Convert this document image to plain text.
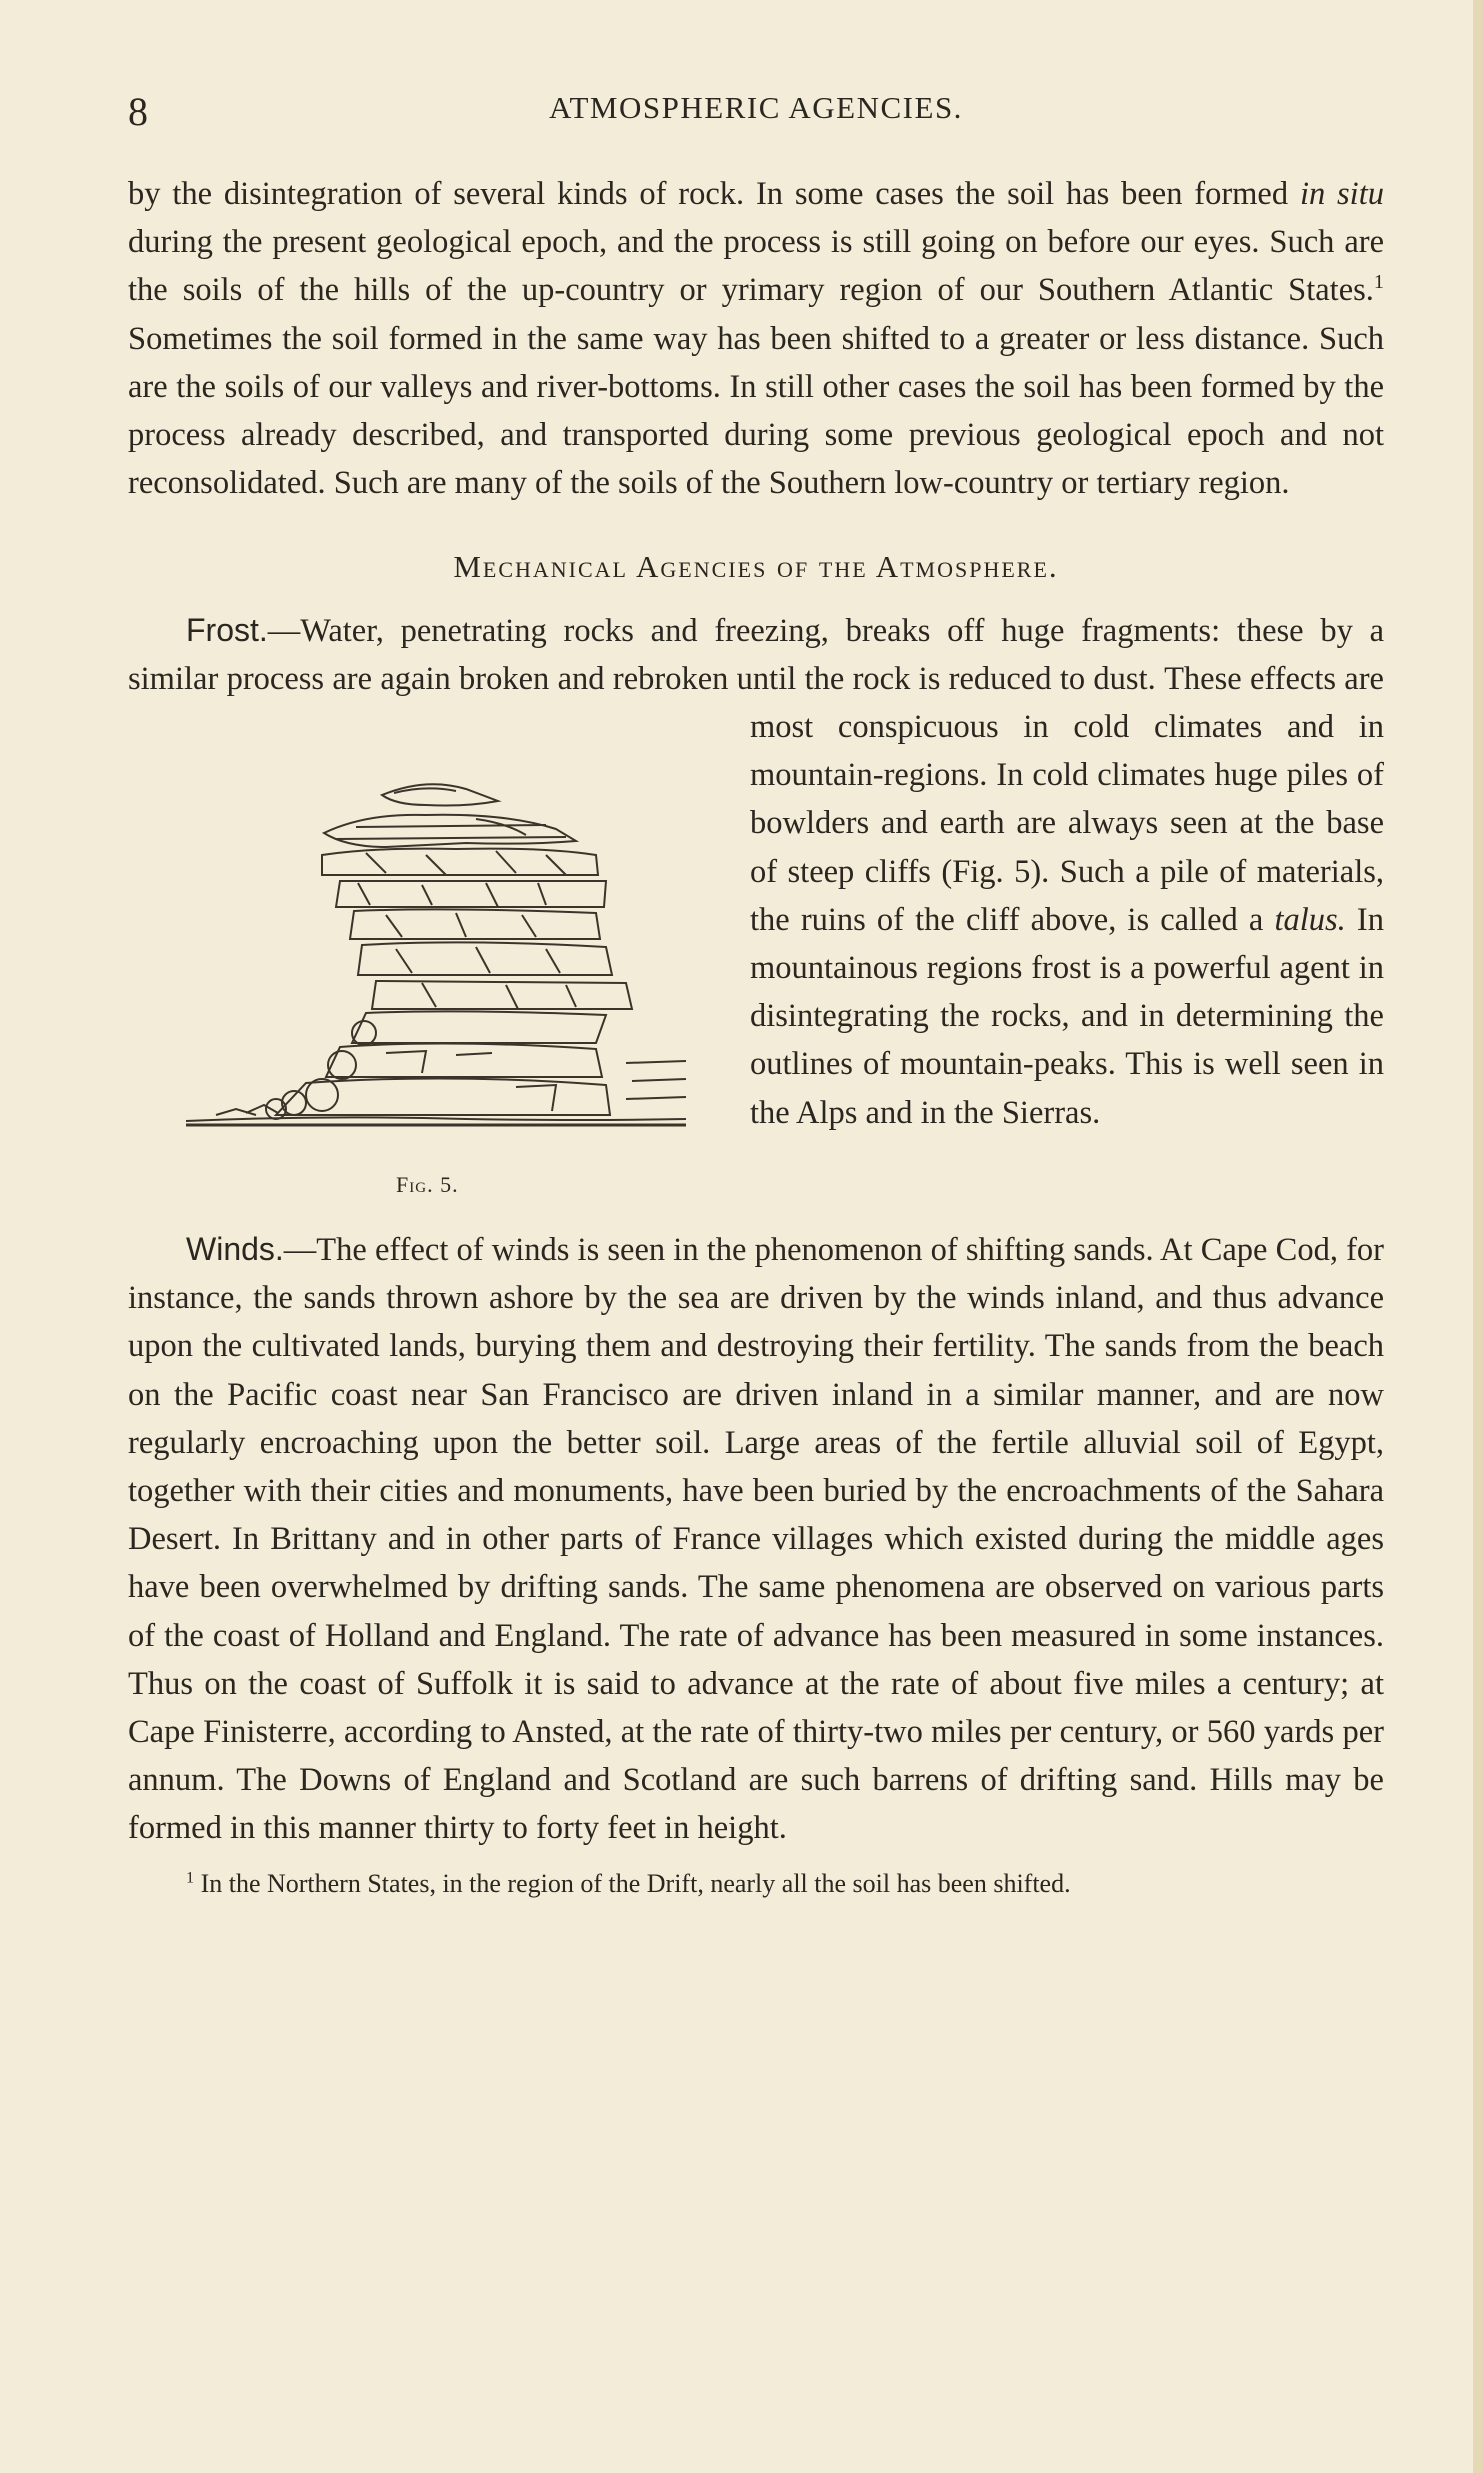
8	ATMOSPHERIC AGENCIES.

by the disintegration of several kinds of rock. In some cases the soil has been formed in situ during the present geological epoch, and the process is still going on before our eyes. Such are the soils of the hills of the up-country or yrimary region of our Southern Atlantic States.$^1$ Sometimes the soil formed in the same way has been shifted to a greater or less distance. Such are the soils of our valleys and river-bottoms. In still other cases the soil has been formed by the process already described, and transported during some previous geological epoch and not reconsolidated. Such are many of the soils of the Southern low-country or tertiary region.

Mechanical Agencies of the Atmosphere.

Frost.—Water, penetrating rocks and freezing, breaks off huge fragments: these by a similar process are again broken and rebroken until the rock is reduced to dust.
Fig. 5.
These effects are most conspicuous in cold climates and in mountain-regions. In cold climates huge piles of bowlders and earth are always seen at the base of steep cliffs (Fig. 5). Such a pile of materials, the ruins of the cliff above, is called a talus. In mountainous regions frost is a powerful agent in disintegrating the rocks, and in determining the outlines of mountain-peaks. This is well seen in the Alps and in the Sierras.

Winds.—The effect of winds is seen in the phenomenon of shifting sands. At Cape Cod, for instance, the sands thrown ashore by the sea are driven by the winds inland, and thus advance upon the cultivated lands, burying them and destroying their fertility. The sands from the beach on the Pacific coast near San Francisco are driven inland in a similar manner, and are now regularly encroaching upon the better soil. Large areas of the fertile alluvial soil of Egypt, together with their cities and monuments, have been buried by the encroachments of the Sahara Desert. In Brittany and in other parts of France villages which existed during the middle ages have been overwhelmed by drifting sands. The same phenomena are observed on various parts of the coast of Holland and England. The rate of advance has been measured in some instances. Thus on the coast of Suffolk it is said to advance at the rate of about five miles a century; at Cape Finisterre, according to Ansted, at the rate of thirty-two miles per century, or 560 yards per annum. The Downs of England and Scotland are such barrens of drifting sand. Hills may be formed in this manner thirty to forty feet in height.

$^1$ In the Northern States, in the region of the Drift, nearly all the soil has been shifted.
